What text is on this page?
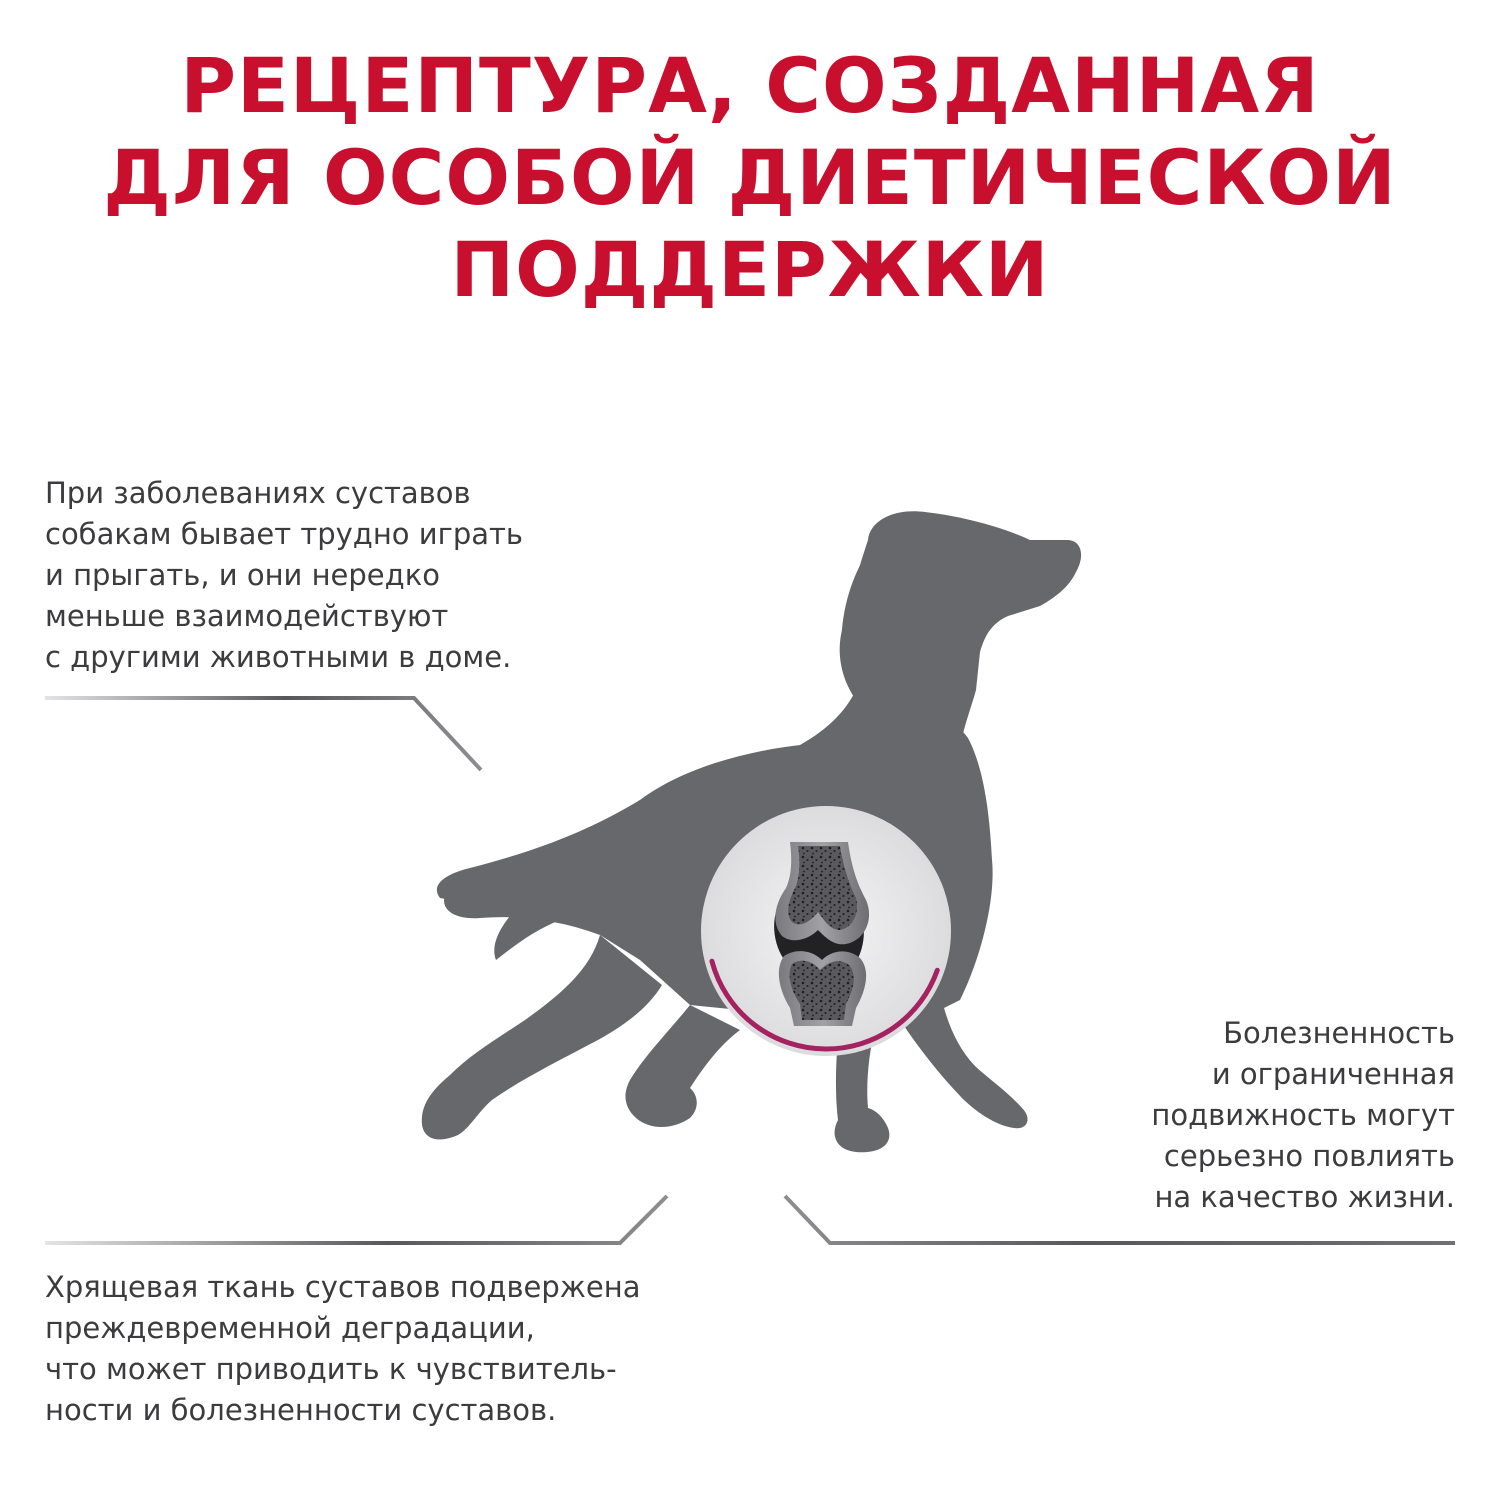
РЕЦЕПТУРА, СОЗДАННАЯ
ДЛЯ ОСОБОЙ ДИЕТИЧЕСКОЙ
ПОДДЕРЖКИ

При заболеваниях суставов
собакам бывает трудно играть
и прыгать, и они нередко
меньше взаимодействуют
с другими животными в доме.

Болезненность
и ограниченная
подвижность могут
серьезно повлиять
на качество жизни.

Хрящевая ткань суставов подвержена
преждевременной деградации,
что может приводить к чувствитель-
ности и болезненности суставов.
